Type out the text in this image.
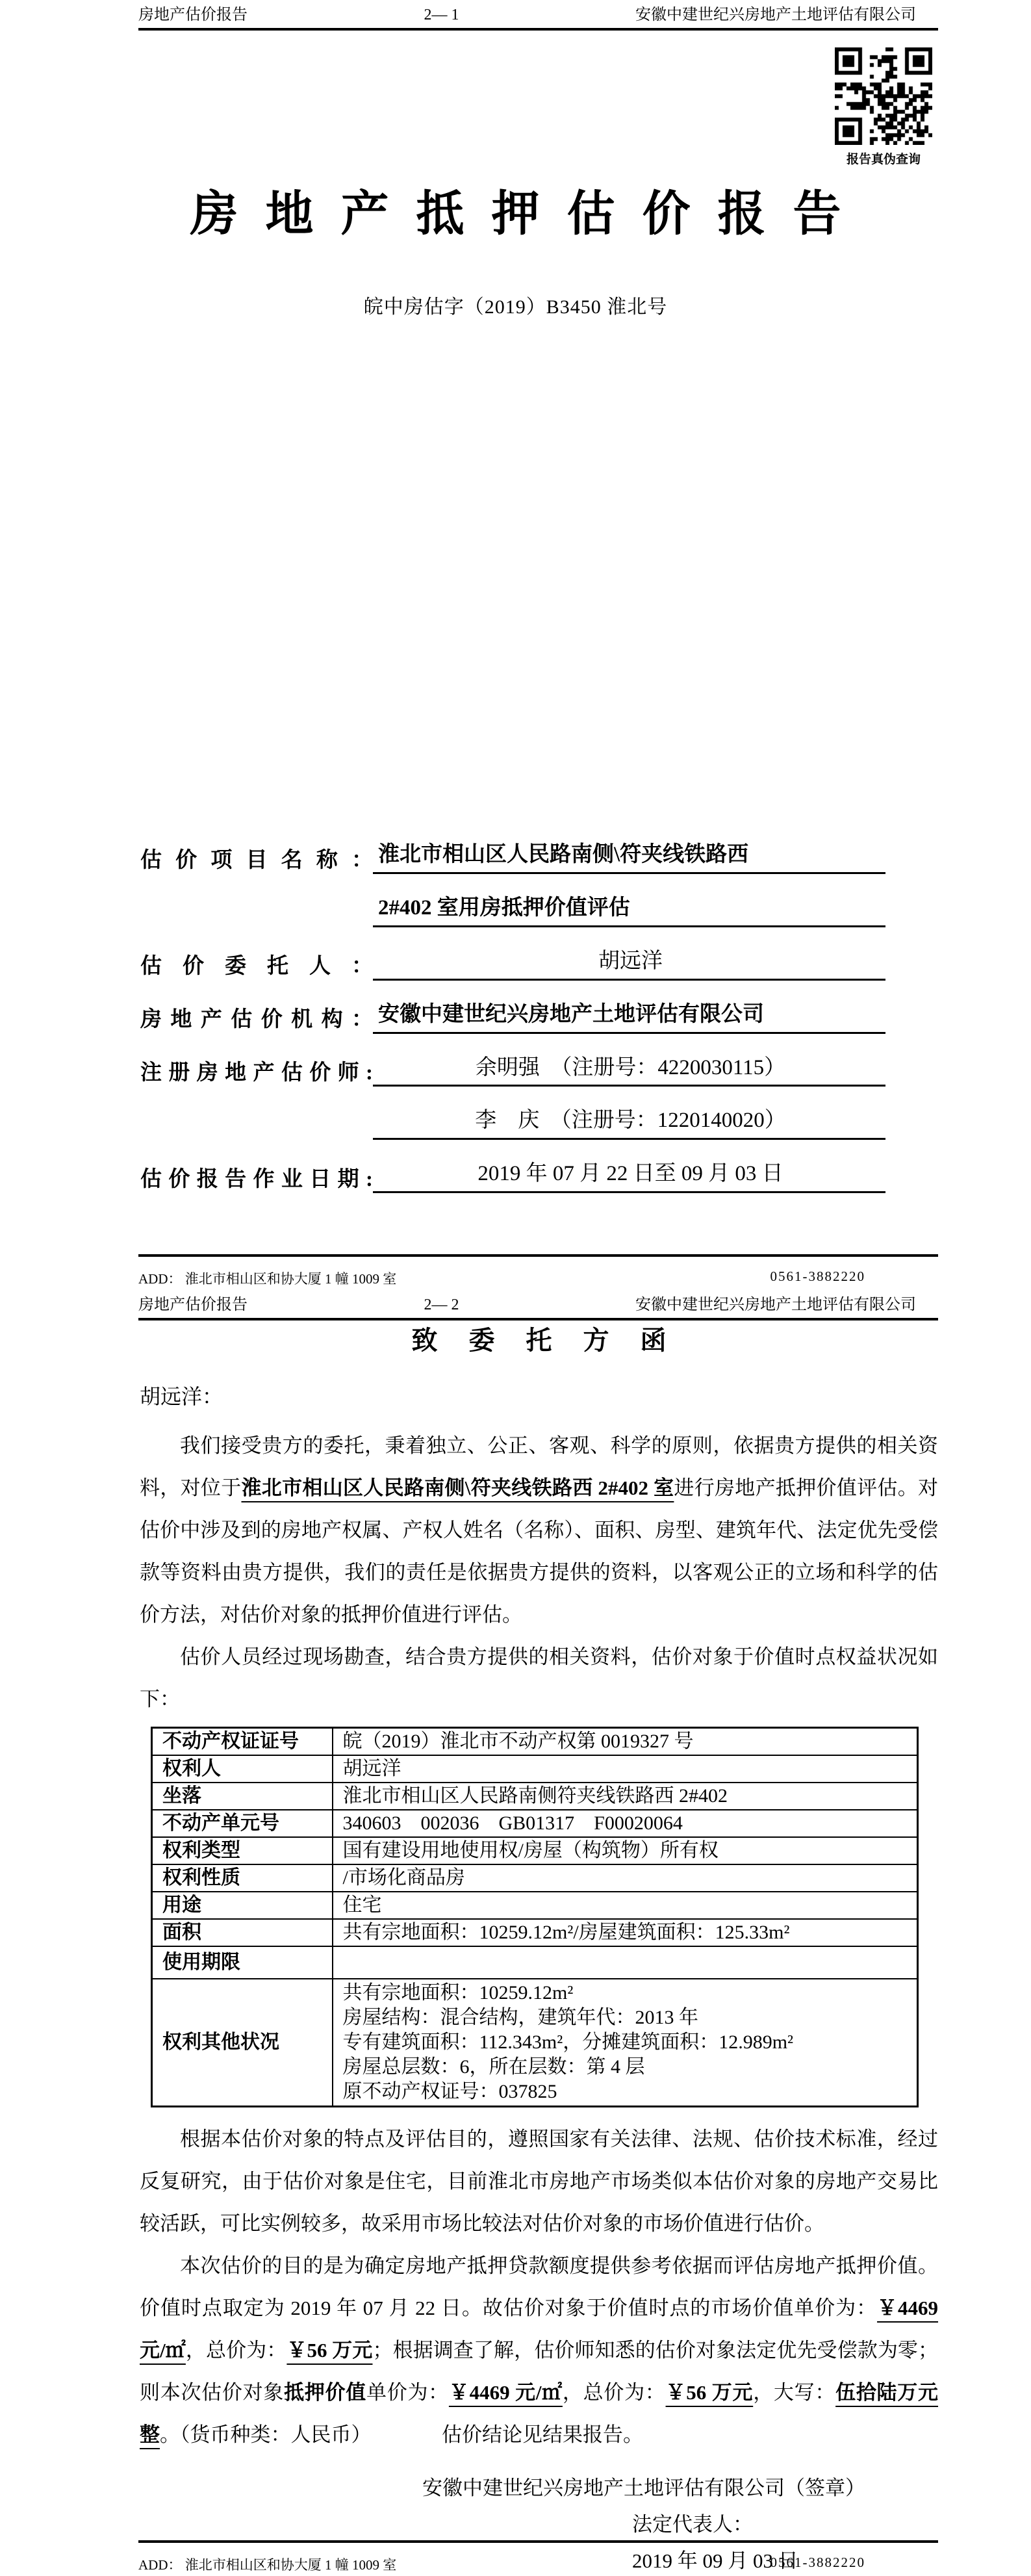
房地产估价报告	2— 1	安徽中建世纪兴房地产土地评估有限公司
报告真伪查询
房地产抵押估价报告
皖中房估字（2019）B3450 淮北号
估价项目名称： 淮北市相山区人民路南侧\符夹线铁路西
2#402 室用房抵押价值评估
估价委托人：	胡远洋
房地产估价机构： 安徽中建世纪兴房地产土地评估有限公司
注册房地产估价师:	余明强　（注册号：4220030115）
李　庆　（注册号：1220140020）
估价报告作业日期:	2019 年 07 月 22 日至 09 月 03 日
ADD： 淮北市相山区和协大厦 1 幢 1009 室	0561-3882220
房地产估价报告	2— 2	安徽中建世纪兴房地产土地评估有限公司
致委托方函
胡远洋：

我们接受贵方的委托，秉着独立、公正、客观、科学的原则，依据贵方提供的相关资料，对位于淮北市相山区人民路南侧\符夹线铁路西 2#402 室进行房地产抵押价值评估。对估价中涉及到的房地产权属、产权人姓名（名称）、面积、房型、建筑年代、法定优先受偿款等资料由贵方提供，我们的责任是依据贵方提供的资料，以客观公正的立场和科学的估价方法，对估价对象的抵押价值进行评估。

估价人员经过现场勘查，结合贵方提供的相关资料，估价对象于价值时点权益状况如下：

不动产权证证号	皖（2019）淮北市不动产权第 0019327 号
权利人	胡远洋
坐落	淮北市相山区人民路南侧符夹线铁路西 2#402
不动产单元号	340603　002036　GB01317　F00020064
权利类型	国有建设用地使用权/房屋（构筑物）所有权
权利性质	/市场化商品房
用途	住宅
面积	共有宗地面积：10259.12m²/房屋建筑面积：125.33m²
使用期限	
权利其他状况	共有宗地面积：10259.12m²
房屋结构：混合结构，建筑年代：2013 年
专有建筑面积：112.343m²，分摊建筑面积：12.989m²
房屋总层数：6，所在层数：第 4 层
原不动产权证号：037825

根据本估价对象的特点及评估目的，遵照国家有关法律、法规、估价技术标准，经过反复研究，由于估价对象是住宅，目前淮北市房地产市场类似本估价对象的房地产交易比较活跃，可比实例较多，故采用市场比较法对估价对象的市场价值进行估价。

本次估价的目的是为确定房地产抵押贷款额度提供参考依据而评估房地产抵押价值。价值时点取定为 2019 年 07 月 22 日。故估价对象于价值时点的市场价值单价为：￥4469 元/㎡，总价为：￥56 万元；根据调查了解，估价师知悉的估价对象法定优先受偿款为零；则本次估价对象抵押价值单价为：￥4469 元/㎡，总价为：￥56 万元，大写：伍拾陆万元整。（货币种类：人民币）　　　　估价结论见结果报告。

安徽中建世纪兴房地产土地评估有限公司（签章）
法定代表人：
2019 年 09 月 03 日
ADD： 淮北市相山区和协大厦 1 幢 1009 室	0561-3882220
